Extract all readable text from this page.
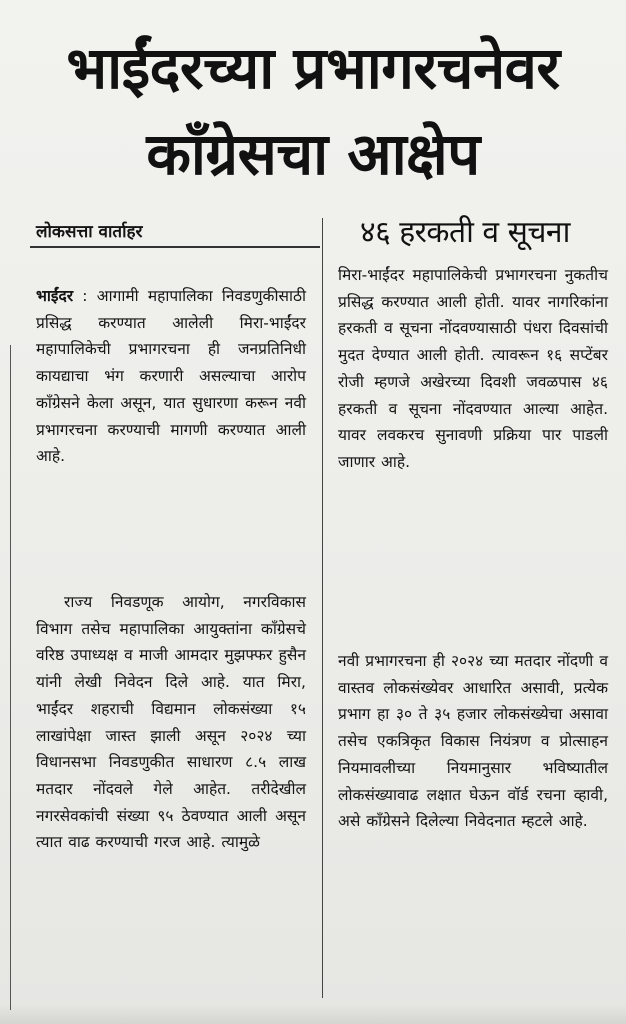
भाईंदरच्या प्रभागरचनेवर
काँग्रेसचा आक्षेप
लोकसत्ता वार्ताहर
भाईंदर : आगामी महापालिका निवडणुकीसाठी प्रसिद्ध करण्यात आलेली मिरा-भाईंदर महापालिकेची प्रभागरचना ही जनप्रतिनिधी कायद्याचा भंग करणारी असल्याचा आरोप काँग्रेसने केला असून, यात सुधारणा करून नवी प्रभागरचना करण्याची मागणी करण्यात आली आहे.
राज्य निवडणूक आयोग, नगरविकास विभाग तसेच महापालिका आयुक्तांना काँग्रेसचे वरिष्ठ उपाध्यक्ष व माजी आमदार मुझफ्फर हुसैन यांनी लेखी निवेदन दिले आहे. यात मिरा, भाईंदर शहराची विद्यमान लोकसंख्या १५ लाखांपेक्षा जास्त झाली असून २०२४ च्या विधानसभा निवडणुकीत साधारण ८.५ लाख मतदार नोंदवले गेले आहेत. तरीदेखील नगरसेवकांची संख्या ९५ ठेवण्यात आली असून त्यात वाढ करण्याची गरज आहे. त्यामुळे
४६ हरकती व सूचना
मिरा-भाईंदर महापालिकेची प्रभागरचना नुकतीच प्रसिद्ध करण्यात आली होती. यावर नागरिकांना हरकती व सूचना नोंदवण्यासाठी पंधरा दिवसांची मुदत देण्यात आली होती. त्यावरून १६ सप्टेंबर रोजी म्हणजे अखेरच्या दिवशी जवळपास ४६ हरकती व सूचना नोंदवण्यात आल्या आहेत. यावर लवकरच सुनावणी प्रक्रिया पार पाडली जाणार आहे.
नवी प्रभागरचना ही २०२४ च्या मतदार नोंदणी व वास्तव लोकसंख्येवर आधारित असावी, प्रत्येक प्रभाग हा ३० ते ३५ हजार लोकसंख्येचा असावा तसेच एकत्रिकृत विकास नियंत्रण व प्रोत्साहन नियमावलीच्या नियमानुसार भविष्यातील लोकसंख्यावाढ लक्षात घेऊन वॉर्ड रचना व्हावी, असे काँग्रेसने दिलेल्या निवेदनात म्हटले आहे.
